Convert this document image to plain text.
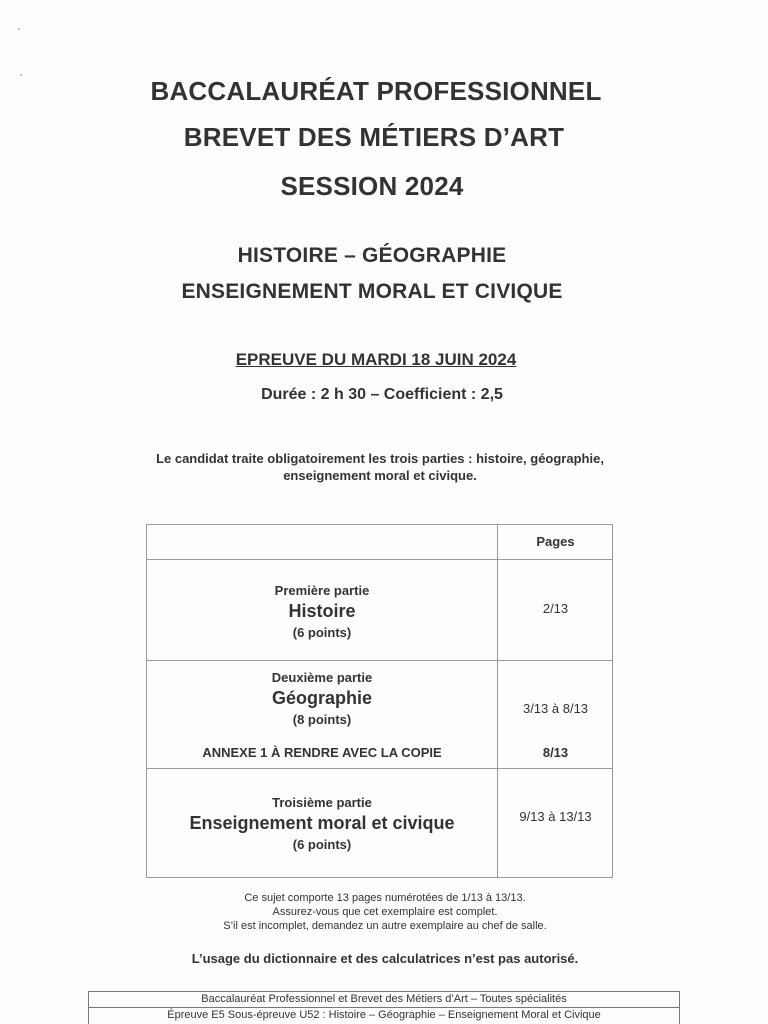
BACCALAURÉAT PROFESSIONNEL
BREVET DES MÉTIERS D’ART
SESSION 2024
HISTOIRE – GÉOGRAPHIE
ENSEIGNEMENT MORAL ET CIVIQUE
EPREUVE DU MARDI 18 JUIN 2024
Durée : 2 h 30 – Coefficient : 2,5
Le candidat traite obligatoirement les trois parties : histoire, géographie, enseignement moral et civique.
Pages
Première partie
Histoire
(6 points)
2/13
Deuxième partie
Géographie
(8 points)
3/13 à 8/13
ANNEXE 1 À RENDRE AVEC LA COPIE	8/13
Troisième partie
Enseignement moral et civique
(6 points)
9/13 à 13/13
Ce sujet comporte 13 pages numérotées de 1/13 à 13/13.
Assurez-vous que cet exemplaire est complet.
S’il est incomplet, demandez un autre exemplaire au chef de salle.
L’usage du dictionnaire et des calculatrices n’est pas autorisé.
Baccalauréat Professionnel et Brevet des Métiers d’Art – Toutes spécialités
Épreuve E5 Sous-épreuve U52 : Histoire – Géographie – Enseignement Moral et Civique
